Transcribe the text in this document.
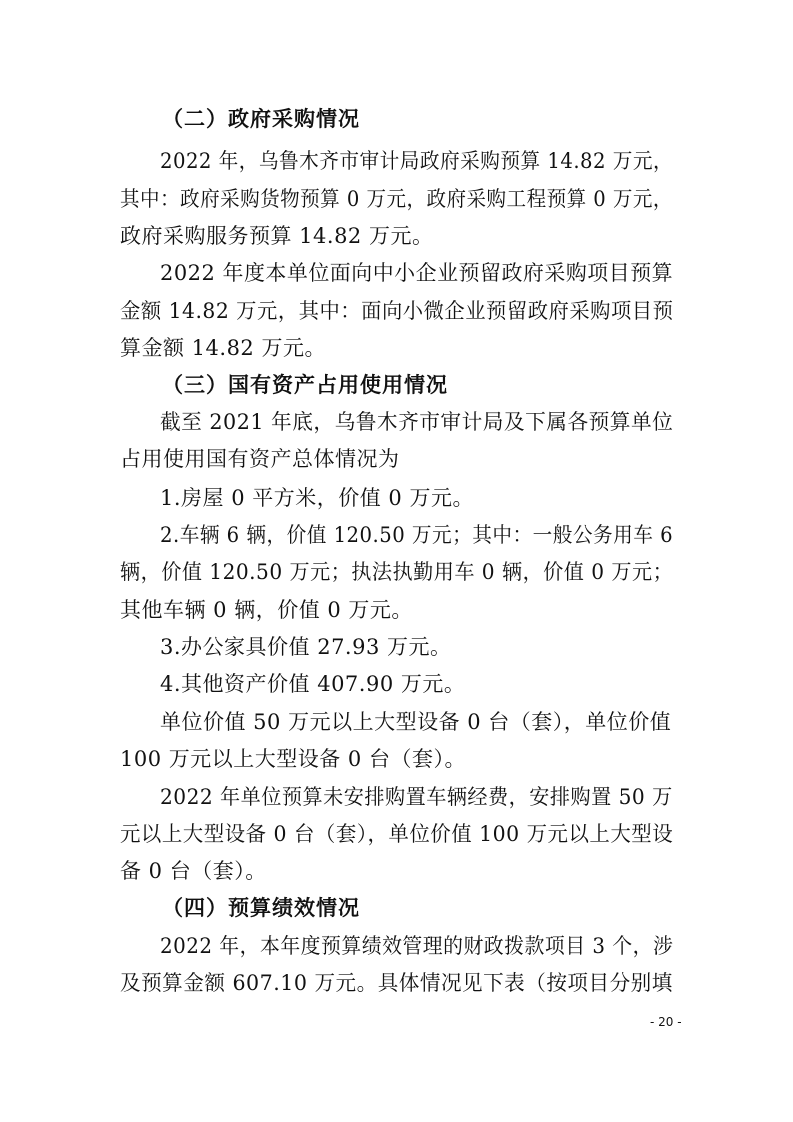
（二）政府采购情况
2022 年，乌鲁木齐市审计局政府采购预算 14.82 万元，
其中：政府采购货物预算 0 万元，政府采购工程预算 0 万元，
政府采购服务预算 14.82 万元。
2022 年度本单位面向中小企业预留政府采购项目预算
金额 14.82 万元，其中：面向小微企业预留政府采购项目预
算金额 14.82 万元。
（三）国有资产占用使用情况
截至 2021 年底，乌鲁木齐市审计局及下属各预算单位
占用使用国有资产总体情况为
1.房屋 0 平方米，价值 0 万元。
2.车辆 6 辆，价值 120.50 万元；其中：一般公务用车 6
辆，价值 120.50 万元；执法执勤用车 0 辆，价值 0 万元；
其他车辆 0 辆，价值 0 万元。
3.办公家具价值 27.93 万元。
4.其他资产价值 407.90 万元。
单位价值 50 万元以上大型设备 0 台（套），单位价值
100 万元以上大型设备 0 台（套）。
2022 年单位预算未安排购置车辆经费，安排购置 50 万
元以上大型设备 0 台（套），单位价值 100 万元以上大型设
备 0 台（套）。
（四）预算绩效情况
2022 年，本年度预算绩效管理的财政拨款项目 3 个，涉
及预算金额 607.10 万元。具体情况见下表（按项目分别填
- 20 -
